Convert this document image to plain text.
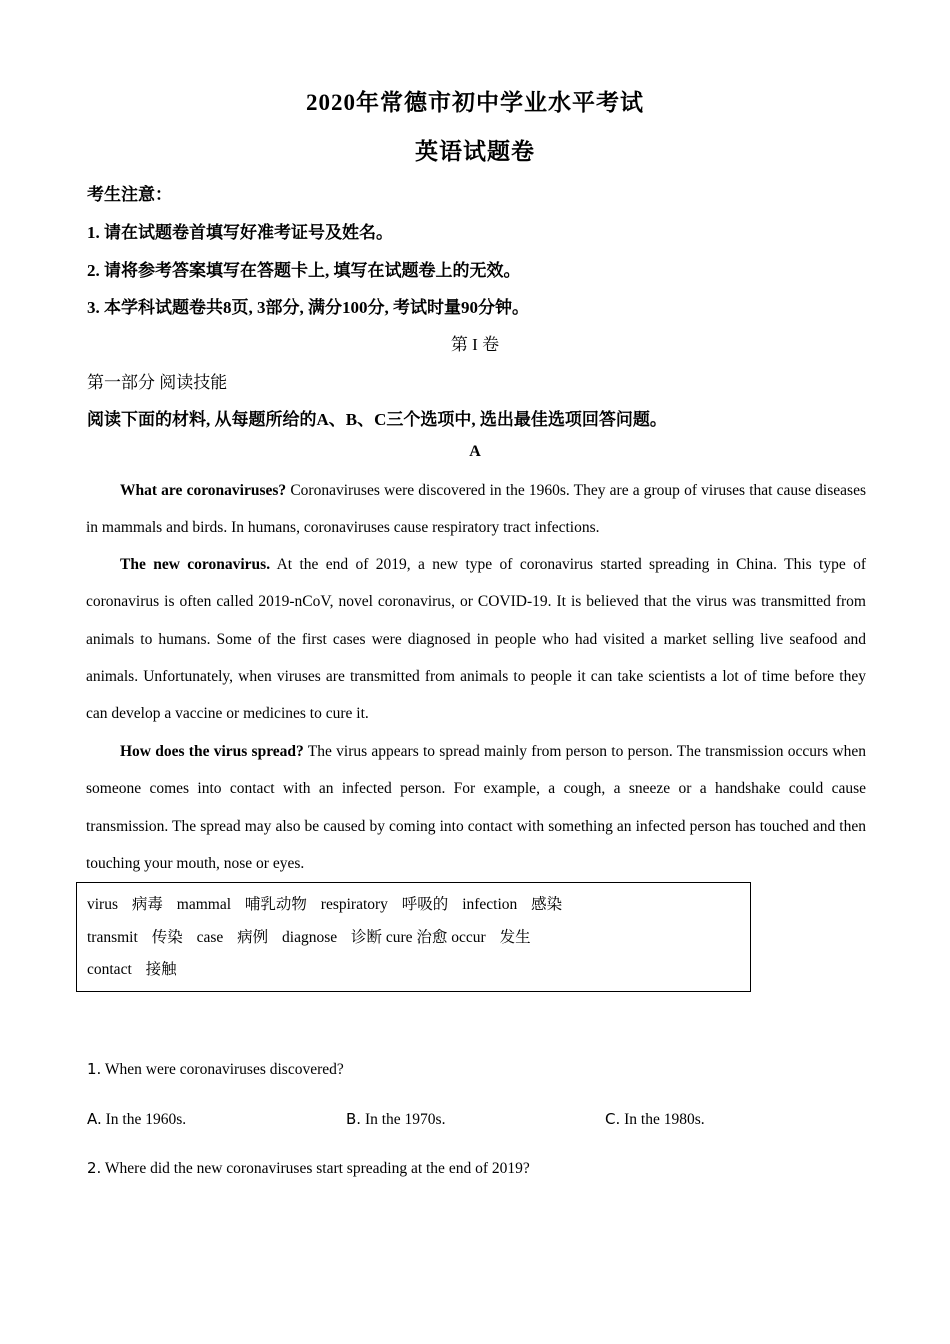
2020年常德市初中学业水平考试
英语试题卷
考生注意：
1. 请在试题卷首填写好准考证号及姓名。
2. 请将参考答案填写在答题卡上, 填写在试题卷上的无效。
3. 本学科试题卷共8页, 3部分, 满分100分, 考试时量90分钟。
第 I 卷
第一部分 阅读技能
阅读下面的材料, 从每题所给的A、B、C三个选项中, 选出最佳选项回答问题。
A
What are coronaviruses? Coronaviruses were discovered in the 1960s. They are a group of viruses that cause diseases in mammals and birds. In humans, coronaviruses cause respiratory tract infections.
The new coronavirus. At the end of 2019, a new type of coronavirus started spreading in China. This type of coronavirus is often called 2019-nCoV, novel coronavirus, or COVID-19. It is believed that the virus was transmitted from animals to humans. Some of the first cases were diagnosed in people who had visited a market selling live seafood and animals. Unfortunately, when viruses are transmitted from animals to people it can take scientists a lot of time before they can develop a vaccine or medicines to cure it.
How does the virus spread? The virus appears to spread mainly from person to person. The transmission occurs when someone comes into contact with an infected person. For example, a cough, a sneeze or a handshake could cause transmission. The spread may also be caused by coming into contact with something an infected person has touched and then touching your mouth, nose or eyes.
virus 病毒 mammal 哺乳动物 respiratory 呼吸的 infection 感染
transmit 传染 case 病例 diagnose 诊断 cure 治愈 occur 发生
contact 接触
1. When were coronaviruses discovered?
A. In the 1960s.	B. In the 1970s.	C. In the 1980s.
2. Where did the new coronaviruses start spreading at the end of 2019?
